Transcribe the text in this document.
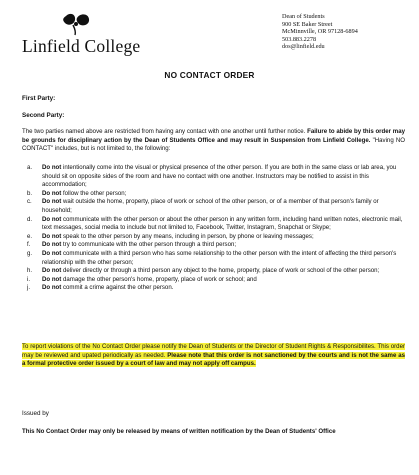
Linfield College
Dean of Students
900 SE Baker Street
McMinnville, OR 97128-6894
503.883.2278
dos@linfield.edu
NO CONTACT ORDER
First Party:
Second Party:
The two parties named above are restricted from having any contact with one another until further notice. Failure to abide by this order may be grounds for disciplinary action by the Dean of Students Office and may result in Suspension from Linfield College. "Having NO CONTACT" includes, but is not limited to, the following:
a. Do not intentionally come into the visual or physical presence of the other person. If you are both in the same class or lab area, you should sit on opposite sides of the room and have no contact with one another. Instructors may be notified to assist in this accommodation;
b. Do not follow the other person;
c. Do not wait outside the home, property, place of work or school of the other person, or of a member of that person's family or household;
d. Do not communicate with the other person or about the other person in any written form, including hand written notes, electronic mail, text messages, social media to include but not limited to, Facebook, Twitter, Instagram, Snapchat or Skype;
e. Do not speak to the other person by any means, including in person, by phone or leaving messages;
f. Do not try to communicate with the other person through a third person;
g. Do not communicate with a third person who has some relationship to the other person with the intent of affecting the third person's relationship with the other person;
h. Do not deliver directly or through a third person any object to the home, property, place of work or school of the other person;
i. Do not damage the other person's home, property, place of work or school; and
j. Do not commit a crime against the other person.
To report violations of the No Contact Order please notify the Dean of Students or the Director of Student Rights & Responsibilites. This order may be reviewed and upated periodically as needed. Please note that this order is not sanctioned by the courts and is not the same as a formal protective order issued by a court of law and may not apply off campus.
Issued by
This No Contact Order may only be released by means of written notification by the Dean of Students' Office
